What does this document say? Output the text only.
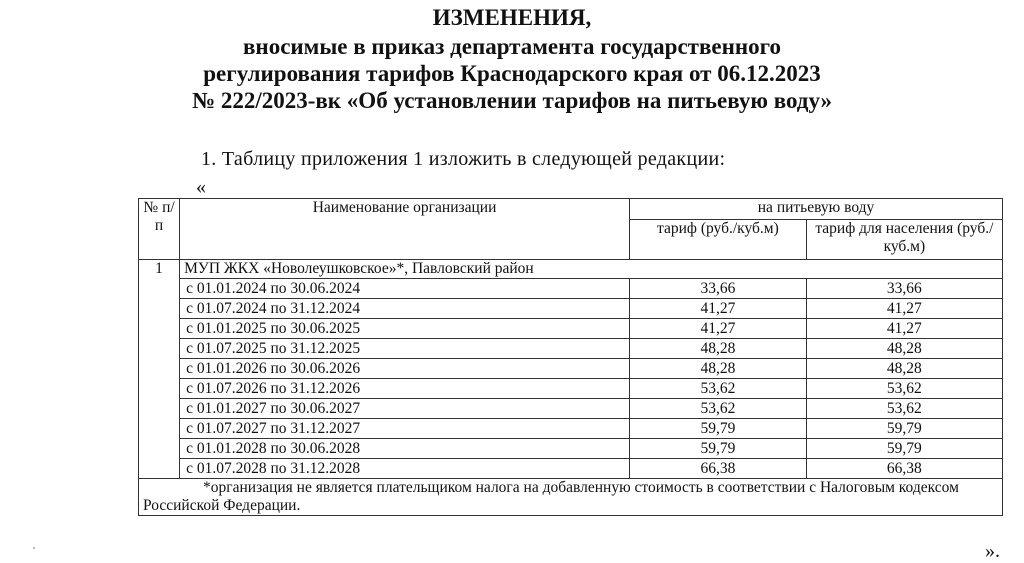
ИЗМЕНЕНИЯ,
вносимые в приказ департамента государственного
регулирования тарифов Краснодарского края от 06.12.2023
№ 222/2023-вк «Об установлении тарифов на питьевую воду»
1. Таблицу приложения 1 изложить в следующей редакции:
«
№ п/п	Наименование организации	на питьевую воду	
		тариф (руб./куб.м)	тариф для населения (руб./куб.м)
1	МУП ЖКХ «Новолеушковское»*, Павловский район		
	с 01.01.2024 по 30.06.2024	33,66	33,66
	с 01.07.2024 по 31.12.2024	41,27	41,27
	с 01.01.2025 по 30.06.2025	41,27	41,27
	с 01.07.2025 по 31.12.2025	48,28	48,28
	с 01.01.2026 по 30.06.2026	48,28	48,28
	с 01.07.2026 по 31.12.2026	53,62	53,62
	с 01.01.2027 по 30.06.2027	53,62	53,62
	с 01.07.2027 по 31.12.2027	59,79	59,79
	с 01.01.2028 по 30.06.2028	59,79	59,79
	с 01.07.2028 по 31.12.2028	66,38	66,38
*организация не является плательщиком налога на добавленную стоимость в соответствии с Налоговым кодексом Российской Федерации.			
».
